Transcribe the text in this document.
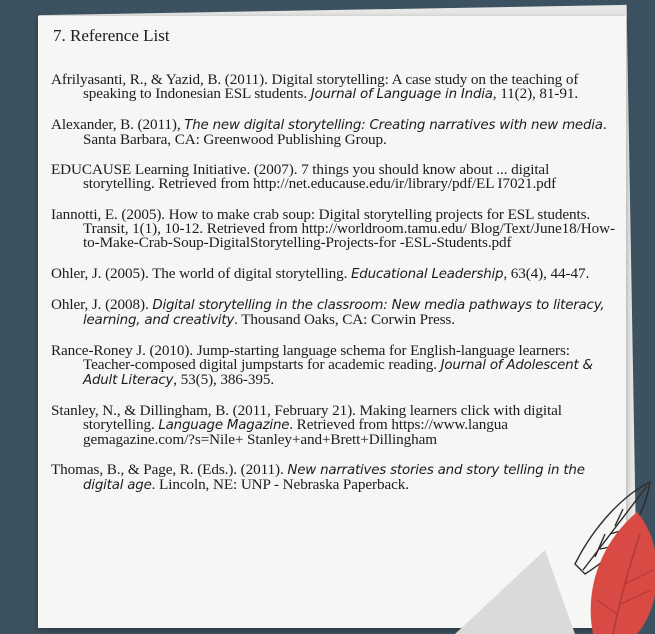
7. Reference List

Afrilyasanti, R., & Yazid, B. (2011). Digital storytelling: A case study on the teaching of speaking to Indonesian ESL students. Journal of Language in India, 11(2), 81-91.

Alexander, B. (2011), The new digital storytelling: Creating narratives with new media. Santa Barbara, CA: Greenwood Publishing Group.

EDUCAUSE Learning Initiative. (2007). 7 things you should know about ... digital storytelling. Retrieved from http://net.educause.edu/ir/library/pdf/EL I7021.pdf

Iannotti, E. (2005). How to make crab soup: Digital storytelling projects for ESL students. Transit, 1(1), 10-12. Retrieved from http://worldroom.tamu.edu/ Blog/Text/June18/How-to-Make-Crab-Soup-DigitalStorytelling-Projects-for -ESL-Students.pdf

Ohler, J. (2005). The world of digital storytelling. Educational Leadership, 63(4), 44-47.

Ohler, J. (2008). Digital storytelling in the classroom: New media pathways to literacy, learning, and creativity. Thousand Oaks, CA: Corwin Press.

Rance-Roney J. (2010). Jump-starting language schema for English-language learners: Teacher-composed digital jumpstarts for academic reading. Journal of Adolescent & Adult Literacy, 53(5), 386-395.

Stanley, N., & Dillingham, B. (2011, February 21). Making learners click with digital storytelling. Language Magazine. Retrieved from https://www.langua gemagazine.com/?s=Nile+ Stanley+and+Brett+Dillingham

Thomas, B., & Page, R. (Eds.). (2011). New narratives stories and story telling in the digital age. Lincoln, NE: UNP - Nebraska Paperback.
